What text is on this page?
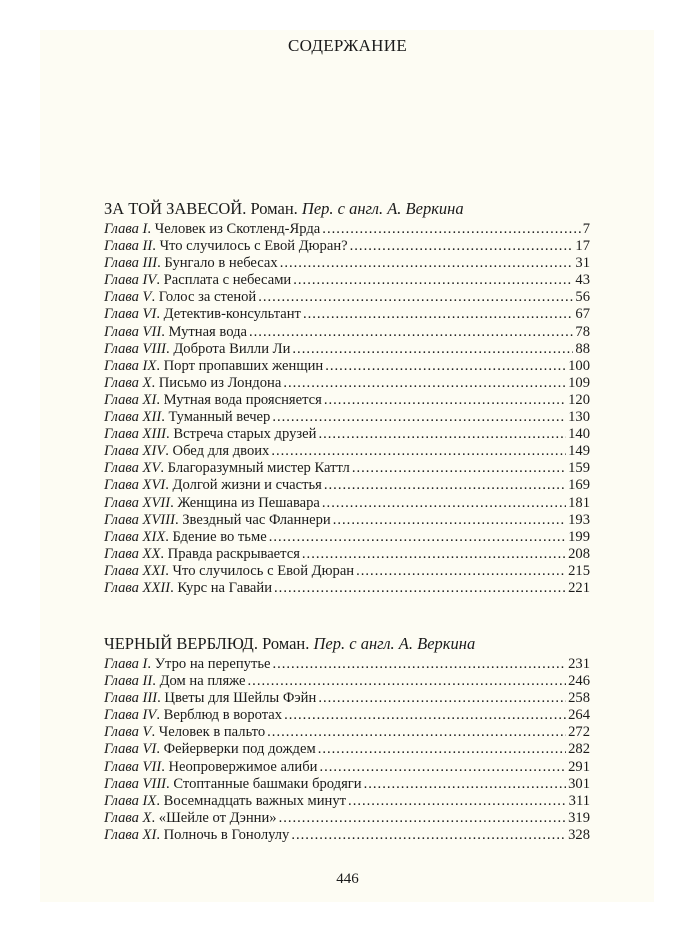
СОДЕРЖАНИЕ
ЗА ТОЙ ЗАВЕСОЙ. Роман. Пер. с англ. А. Веркина
Глава I. Человек из Скотленд-Ярда .....	7
Глава II. Что случилось с Евой Дюран? .....	17
Глава III. Бунгало в небесах .....	31
Глава IV. Расплата с небесами .....	43
Глава V. Голос за стеной .....	56
Глава VI. Детектив-консультант .....	67
Глава VII. Мутная вода .....	78
Глава VIII. Доброта Вилли Ли .....	88
Глава IX. Порт пропавших женщин .....	100
Глава X. Письмо из Лондона .....	109
Глава XI. Мутная вода проясняется .....	120
Глава XII. Туманный вечер .....	130
Глава XIII. Встреча старых друзей .....	140
Глава XIV. Обед для двоих .....	149
Глава XV. Благоразумный мистер Каттл .....	159
Глава XVI. Долгой жизни и счастья .....	169
Глава XVII. Женщина из Пешавара .....	181
Глава XVIII. Звездный час Фланнери .....	193
Глава XIX. Бдение во тьме .....	199
Глава XX. Правда раскрывается .....	208
Глава XXI. Что случилось с Евой Дюран .....	215
Глава XXII. Курс на Гавайи .....	221
ЧЕРНЫЙ ВЕРБЛЮД. Роман. Пер. с англ. А. Веркина
Глава I. Утро на перепутье .....	231
Глава II. Дом на пляже .....	246
Глава III. Цветы для Шейлы Фэйн .....	258
Глава IV. Верблюд в воротах .....	264
Глава V. Человек в пальто .....	272
Глава VI. Фейерверки под дождем .....	282
Глава VII. Неопровержимое алиби .....	291
Глава VIII. Стоптанные башмаки бродяги .....	301
Глава IX. Восемнадцать важных минут .....	311
Глава X. «Шейле от Дэнни» .....	319
Глава XI. Полночь в Гонолулу .....	328
446
